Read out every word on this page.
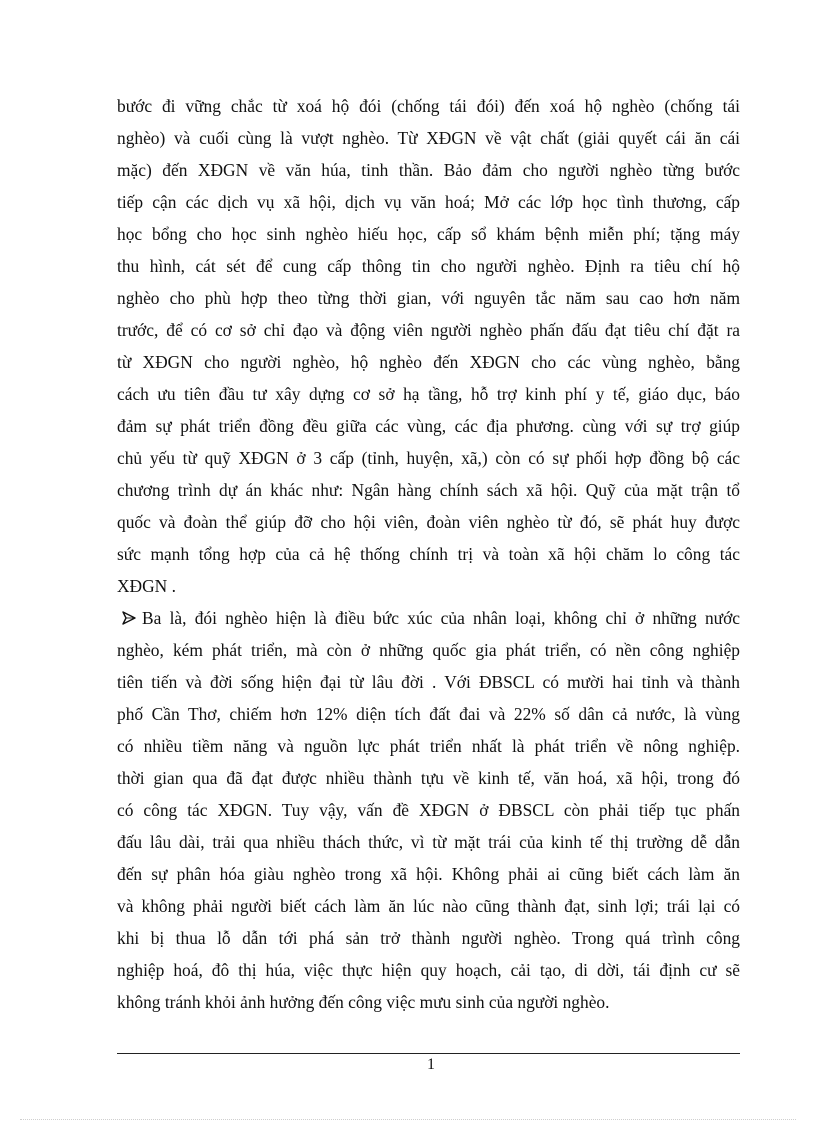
bước đi vững chắc từ xoá hộ đói (chống tái đói) đến xoá hộ nghèo (chống tái
nghèo) và cuối cùng là vượt nghèo. Từ XĐGN về vật chất (giải quyết cái ăn cái
mặc) đến XĐGN về văn húa, tinh thần. Bảo đảm cho người nghèo từng bước
tiếp cận các dịch vụ xã hội, dịch vụ văn hoá; Mở các lớp học tình thương, cấp
học bổng cho học sinh nghèo hiếu học, cấp sổ khám bệnh miễn phí; tặng máy
thu hình, cát sét để cung cấp thông tin cho người nghèo. Định ra tiêu chí hộ
nghèo cho phù hợp theo từng thời gian, với nguyên tắc năm sau cao hơn năm
trước, để có cơ sở chỉ đạo và động viên người nghèo phấn đấu đạt tiêu chí đặt ra
từ XĐGN cho người nghèo, hộ nghèo đến XĐGN cho các vùng nghèo, bằng
cách ưu tiên đầu tư xây dựng cơ sở hạ tầng, hỗ trợ kinh phí y tế, giáo dục, báo
đảm sự phát triển đồng đều giữa các vùng, các địa phương. cùng với sự trợ giúp
chủ yếu từ quỹ XĐGN ở 3 cấp (tỉnh, huyện, xã,) còn có sự phối hợp đồng bộ các
chương trình dự án khác như: Ngân hàng chính sách xã hội. Quỹ của mặt trận tổ
quốc và đoàn thể giúp đỡ cho hội viên, đoàn viên nghèo từ đó, sẽ phát huy được
sức mạnh tổng hợp của cả hệ thống chính trị và toàn xã hội chăm lo công tác
XĐGN .
Ba là, đói nghèo hiện là điều bức xúc của nhân loại, không chỉ ở những nước
nghèo, kém phát triển, mà còn ở những quốc gia phát triển, có nền công nghiệp
tiên tiến và đời sống hiện đại từ lâu đời . Với ĐBSCL có mười hai tỉnh và thành
phố Cần Thơ, chiếm hơn 12% diện tích đất đai và 22% số dân cả nước, là vùng
có nhiều tiềm năng và nguồn lực phát triển nhất là phát triển về nông nghiệp.
thời gian qua đã đạt được nhiều thành tựu về kinh tế, văn hoá, xã hội, trong đó
có công tác XĐGN. Tuy vậy, vấn đề XĐGN ở ĐBSCL còn phải tiếp tục phấn
đấu lâu dài, trải qua nhiều thách thức, vì từ mặt trái của kinh tế thị trường dễ dẫn
đến sự phân hóa giàu nghèo trong xã hội. Không phải ai cũng biết cách làm ăn
và không phải người biết cách làm ăn lúc nào cũng thành đạt, sinh lợi; trái lại có
khi bị thua lỗ dẫn tới phá sản trở thành người nghèo. Trong quá trình công
nghiệp hoá, đô thị húa, việc thực hiện quy hoạch, cải tạo, di dời, tái định cư sẽ
không tránh khỏi ảnh hưởng đến công việc mưu sinh của người nghèo.
1
